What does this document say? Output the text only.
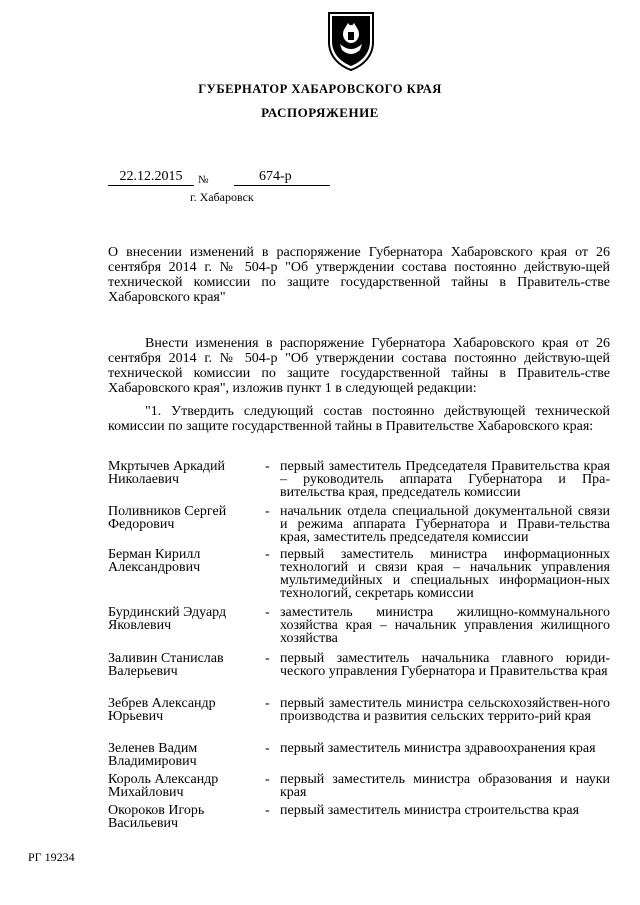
ГУБЕРНАТОР ХАБАРОВСКОГО КРАЯ
РАСПОРЯЖЕНИЕ
22.12.2015	№	674-р
г. Хабаровск
О внесении изменений в распоряжение Губернатора Хабаровского края от 26 сентября 2014 г. № 504-р "Об утверждении состава постоянно действую-щей технической комиссии по защите государственной тайны в Правитель-стве Хабаровского края"
Внести изменения в распоряжение Губернатора Хабаровского края от 26 сентября 2014 г. № 504-р "Об утверждении состава постоянно действую-щей технической комиссии по защите государственной тайны в Правитель-стве Хабаровского края", изложив пункт 1 в следующей редакции:
"1. Утвердить следующий состав постоянно действующей технической комиссии по защите государственной тайны в Правительстве Хабаровского края:
Мкртычев Аркадий Николаевич
- первый заместитель Председателя Правительства края – руководитель аппарата Губернатора и Пра-вительства края, председатель комиссии
Поливников Сергей Федорович
- начальник отдела специальной документальной связи и режима аппарата Губернатора и Прави-тельства края, заместитель председателя комиссии
Берман Кирилл Александрович
- первый заместитель министра информационных технологий и связи края – начальник управления мультимедийных и специальных информацион-ных технологий, секретарь комиссии
Бурдинский Эдуард Яковлевич
- заместитель министра жилищно-коммунального хозяйства края – начальник управления жилищного хозяйства
Заливин Станислав Валерьевич
- первый заместитель начальника главного юриди-ческого управления Губернатора и Правительства края
Зебрев Александр Юрьевич
- первый заместитель министра сельскохозяйствен-ного производства и развития сельских террито-рий края
Зеленев Вадим Владимирович
- первый заместитель министра здравоохранения края
Король Александр Михайлович
- первый заместитель министра образования и науки края
Окороков Игорь Васильевич
- первый заместитель министра строительства края
РГ 19234
